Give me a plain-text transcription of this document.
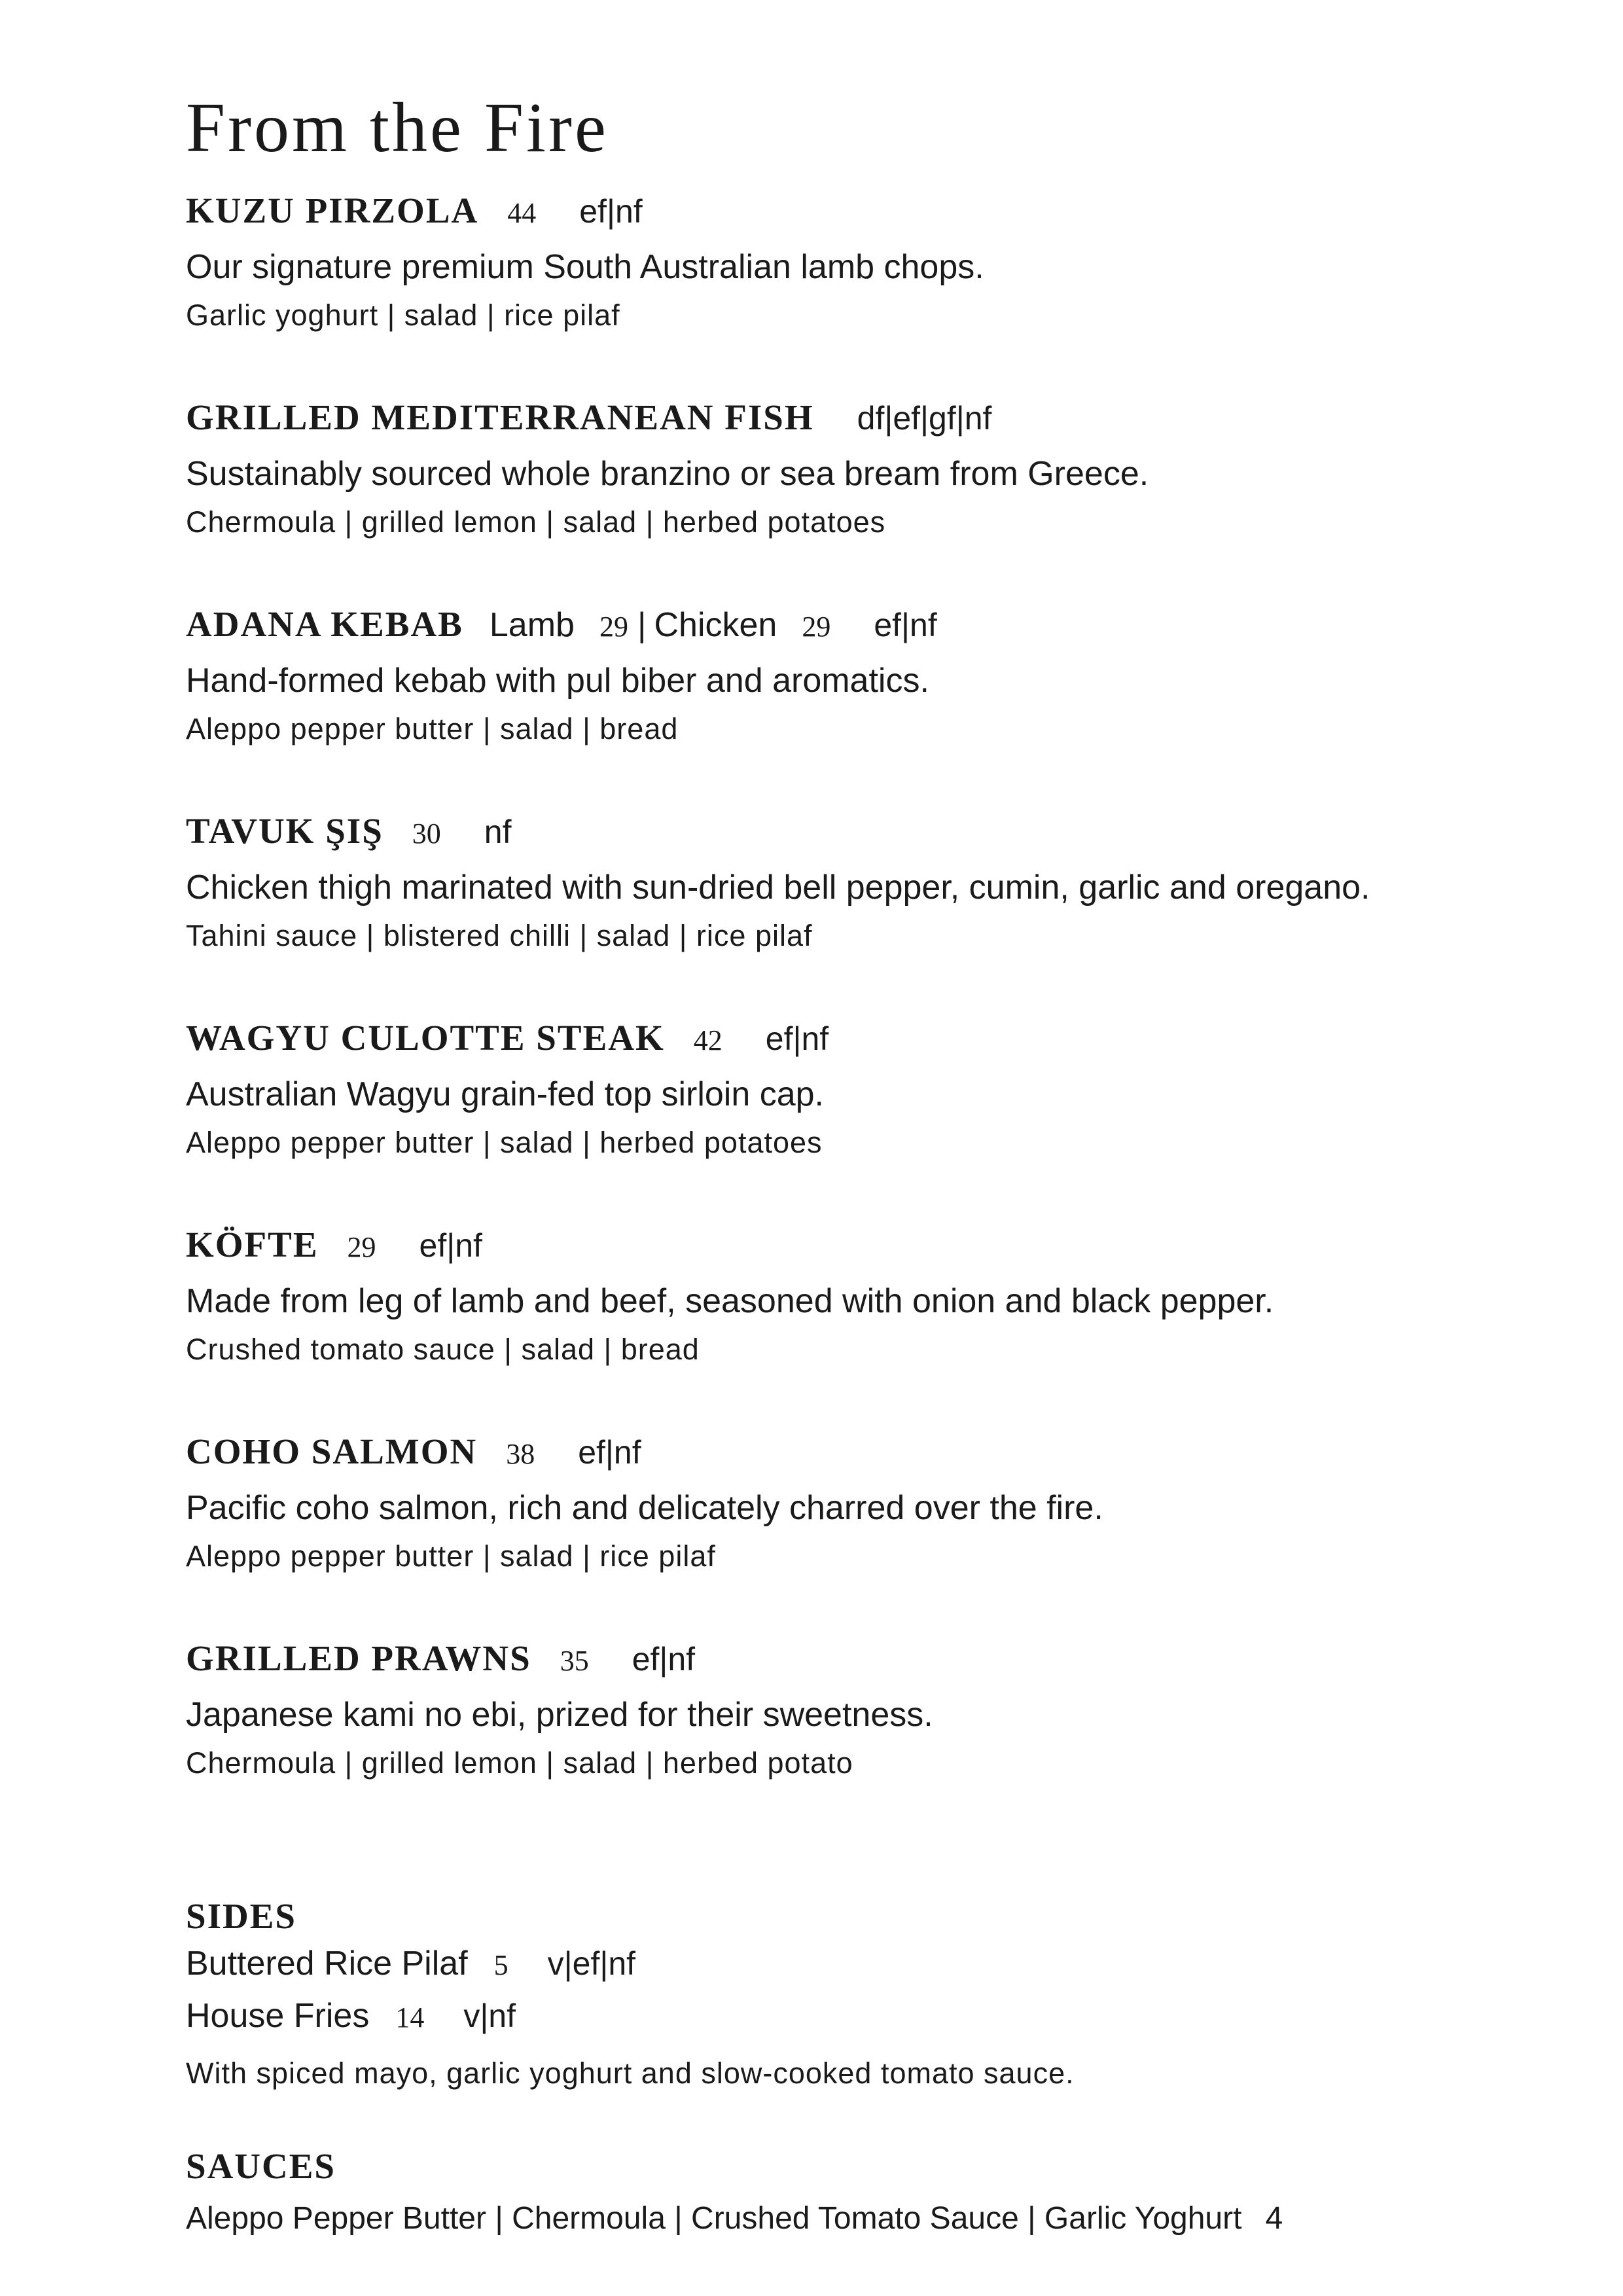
From the Fire
KUZU PIRZOLA 44 ef|nf
Our signature premium South Australian lamb chops.
Garlic yoghurt | salad | rice pilaf
GRILLED MEDITERRANEAN FISH df|ef|gf|nf
Sustainably sourced whole branzino or sea bream from Greece.
Chermoula | grilled lemon | salad | herbed potatoes
ADANA KEBAB Lamb 29 | Chicken 29 ef|nf
Hand-formed kebab with pul biber and aromatics.
Aleppo pepper butter | salad | bread
TAVUK ŞIŞ 30 nf
Chicken thigh marinated with sun-dried bell pepper, cumin, garlic and oregano.
Tahini sauce | blistered chilli | salad | rice pilaf
WAGYU CULOTTE STEAK 42 ef|nf
Australian Wagyu grain-fed top sirloin cap.
Aleppo pepper butter | salad | herbed potatoes
KÖFTE 29 ef|nf
Made from leg of lamb and beef, seasoned with onion and black pepper.
Crushed tomato sauce | salad | bread
COHO SALMON 38 ef|nf
Pacific coho salmon, rich and delicately charred over the fire.
Aleppo pepper butter | salad | rice pilaf
GRILLED PRAWNS 35 ef|nf
Japanese kami no ebi, prized for their sweetness.
Chermoula | grilled lemon | salad | herbed potato
SIDES
Buttered Rice Pilaf 5 v|ef|nf
House Fries 14 v|nf
With spiced mayo, garlic yoghurt and slow-cooked tomato sauce.
SAUCES
Aleppo Pepper Butter | Chermoula | Crushed Tomato Sauce | Garlic Yoghurt 4
